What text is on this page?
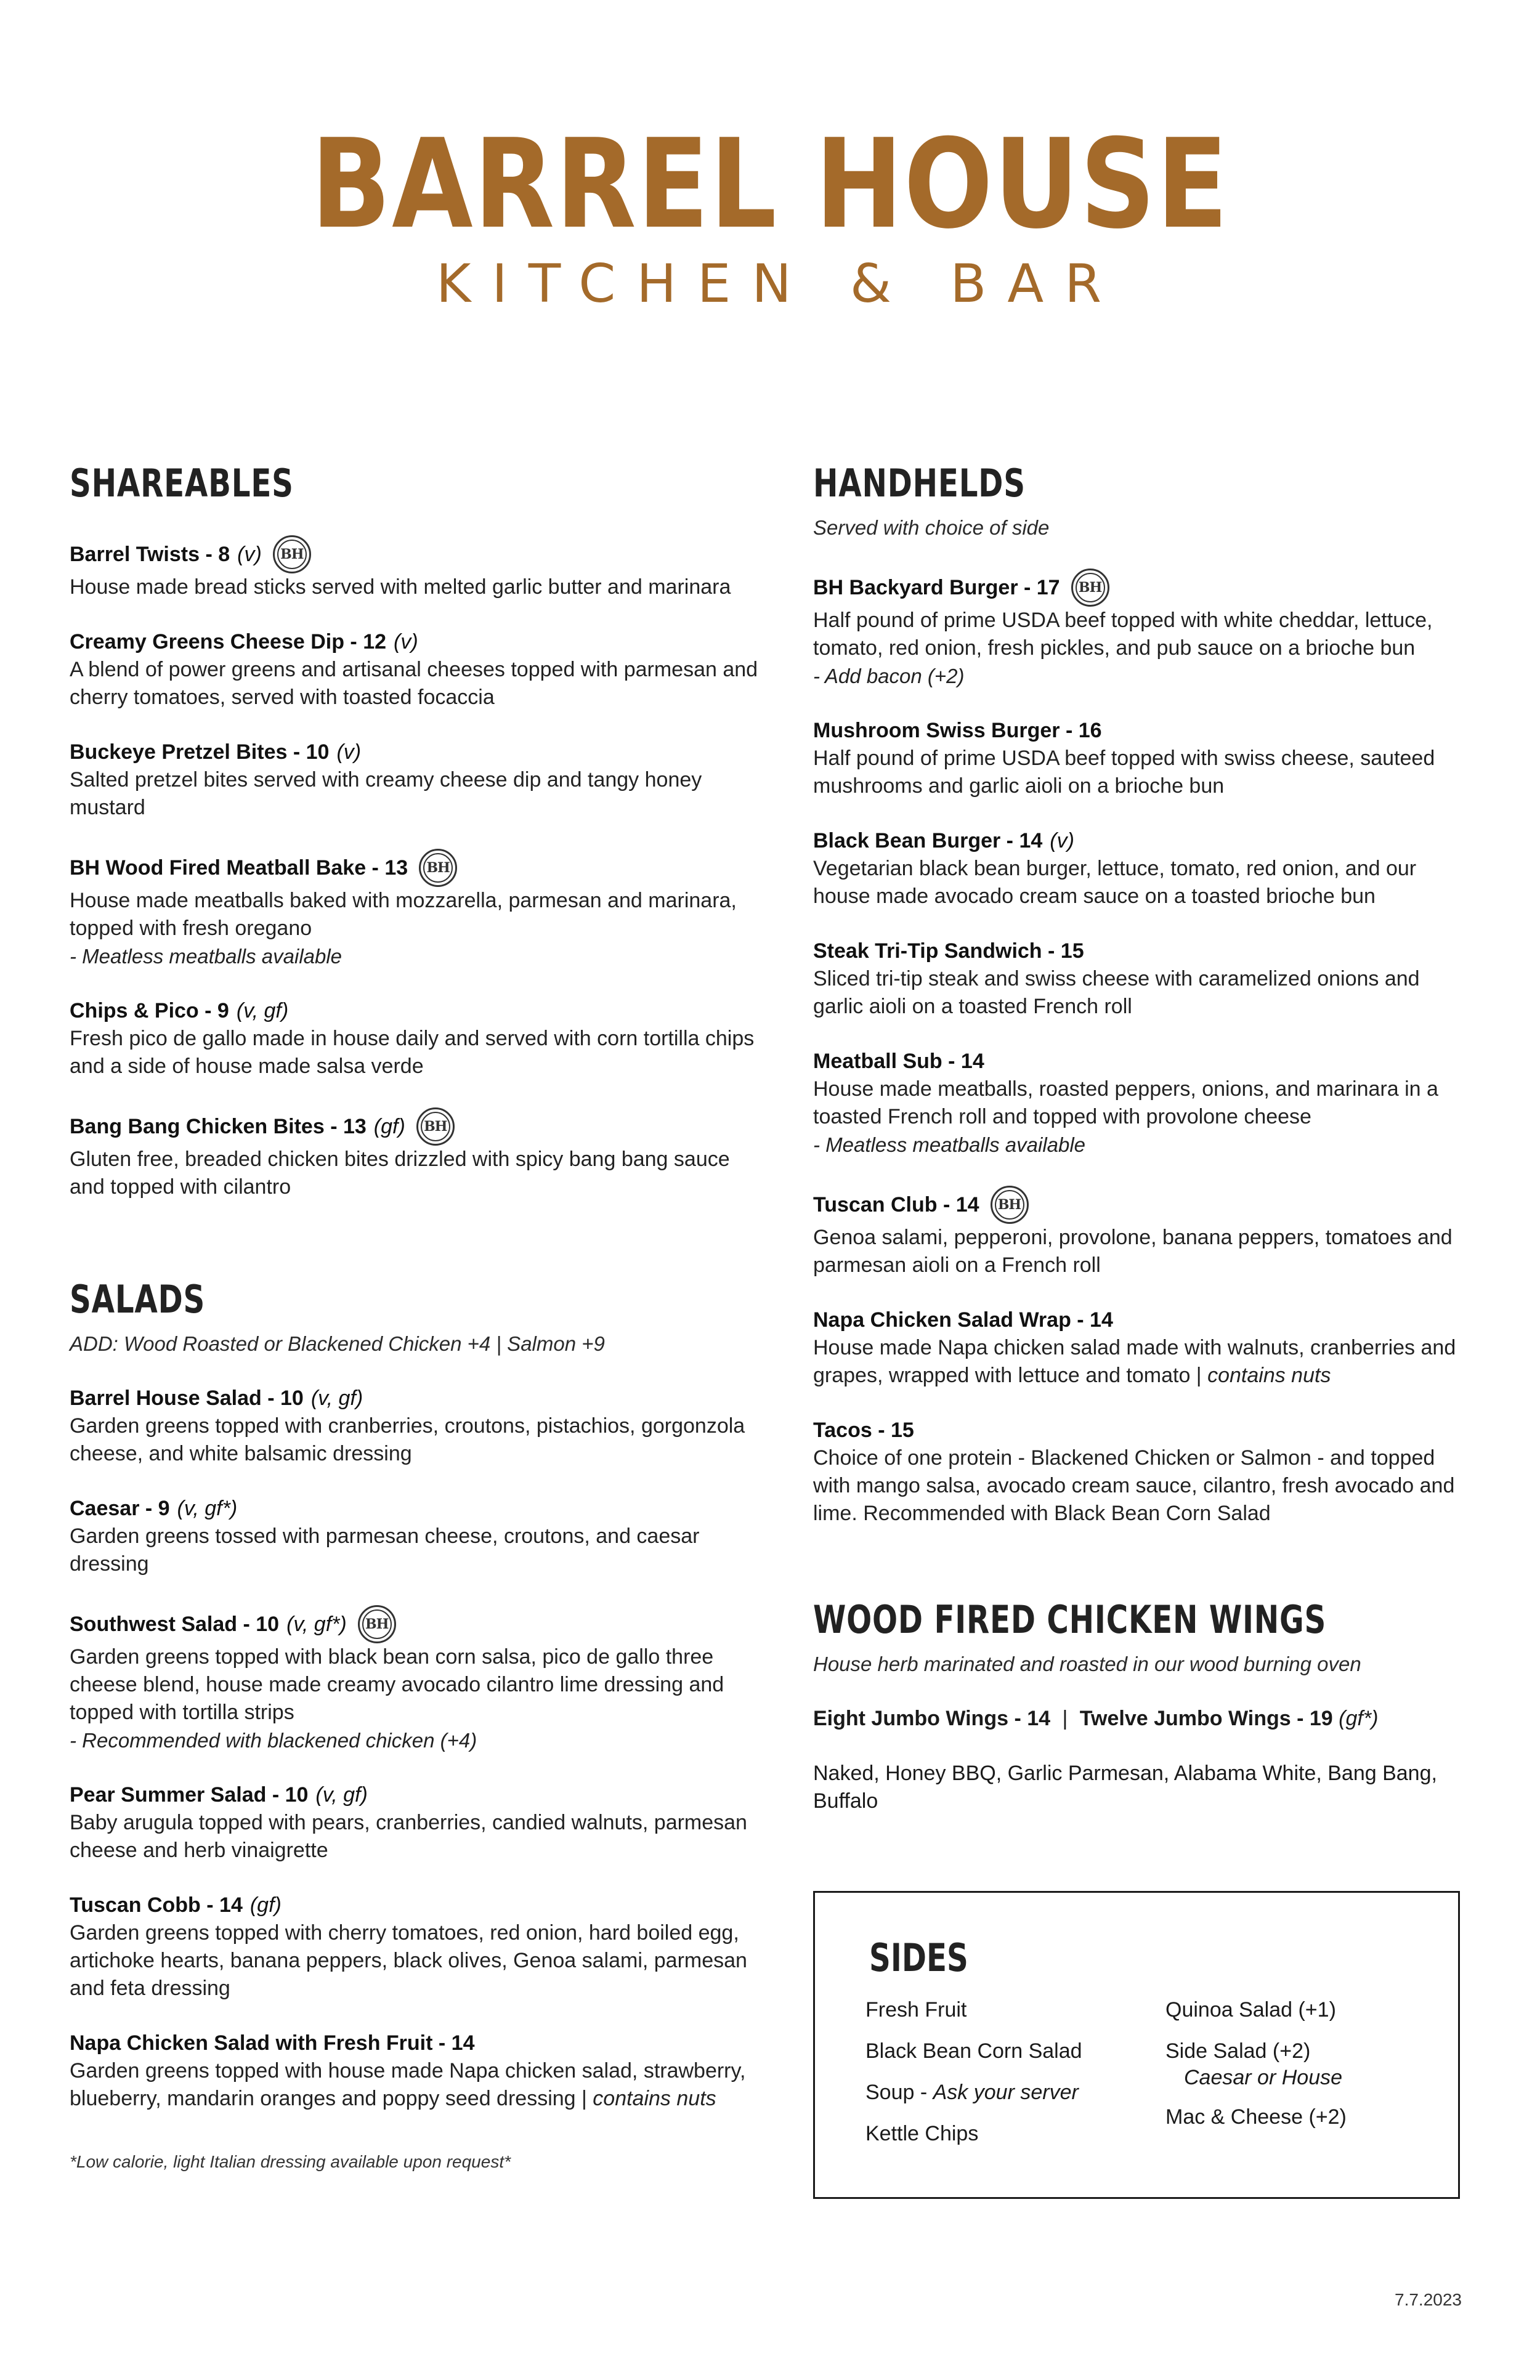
BARREL HOUSE
KITCHEN & BAR
SHAREABLES
Barrel Twists - 8 (v) BH
House made bread sticks served with melted garlic butter and marinara
Creamy Greens Cheese Dip - 12 (v)
A blend of power greens and artisanal cheeses topped with parmesan and cherry tomatoes, served with toasted focaccia
Buckeye Pretzel Bites - 10 (v)
Salted pretzel bites served with creamy cheese dip and tangy honey mustard
BH Wood Fired Meatball Bake - 13 BH
House made meatballs baked with mozzarella, parmesan and marinara, topped with fresh oregano
- Meatless meatballs available
Chips & Pico - 9 (v, gf)
Fresh pico de gallo made in house daily and served with corn tortilla chips and a side of house made salsa verde
Bang Bang Chicken Bites - 13 (gf) BH
Gluten free, breaded chicken bites drizzled with spicy bang bang sauce and topped with cilantro
SALADS
ADD: Wood Roasted or Blackened Chicken +4 | Salmon +9
Barrel House Salad - 10 (v, gf)
Garden greens topped with cranberries, croutons, pistachios, gorgonzola cheese, and white balsamic dressing
Caesar - 9 (v, gf*)
Garden greens tossed with parmesan cheese, croutons, and caesar dressing
Southwest Salad - 10 (v, gf*) BH
Garden greens topped with black bean corn salsa, pico de gallo three cheese blend, house made creamy avocado cilantro lime dressing and topped with tortilla strips
- Recommended with blackened chicken (+4)
Pear Summer Salad - 10 (v, gf)
Baby arugula topped with pears, cranberries, candied walnuts, parmesan cheese and herb vinaigrette
Tuscan Cobb - 14 (gf)
Garden greens topped with cherry tomatoes, red onion, hard boiled egg, artichoke hearts, banana peppers, black olives, Genoa salami, parmesan and feta dressing
Napa Chicken Salad with Fresh Fruit - 14
Garden greens topped with house made Napa chicken salad, strawberry, blueberry, mandarin oranges and poppy seed dressing | contains nuts
*Low calorie, light Italian dressing available upon request*
HANDHELDS
Served with choice of side
BH Backyard Burger - 17 BH
Half pound of prime USDA beef topped with white cheddar, lettuce, tomato, red onion, fresh pickles, and pub sauce on a brioche bun
- Add bacon (+2)
Mushroom Swiss Burger - 16
Half pound of prime USDA beef topped with swiss cheese, sauteed mushrooms and garlic aioli on a brioche bun
Black Bean Burger - 14 (v)
Vegetarian black bean burger, lettuce, tomato, red onion, and our house made avocado cream sauce on a toasted brioche bun
Steak Tri-Tip Sandwich - 15
Sliced tri-tip steak and swiss cheese with caramelized onions and garlic aioli on a toasted French roll
Meatball Sub - 14
House made meatballs, roasted peppers, onions, and marinara in a toasted French roll and topped with provolone cheese
- Meatless meatballs available
Tuscan Club - 14 BH
Genoa salami, pepperoni, provolone, banana peppers, tomatoes and parmesan aioli on a French roll
Napa Chicken Salad Wrap - 14
House made Napa chicken salad made with walnuts, cranberries and grapes, wrapped with lettuce and tomato | contains nuts
Tacos - 15
Choice of one protein - Blackened Chicken or Salmon - and topped with mango salsa, avocado cream sauce, cilantro, fresh avocado and lime. Recommended with Black Bean Corn Salad
WOOD FIRED CHICKEN WINGS
House herb marinated and roasted in our wood burning oven
Eight Jumbo Wings - 14 | Twelve Jumbo Wings - 19 (gf*)
Naked, Honey BBQ, Garlic Parmesan, Alabama White, Bang Bang, Buffalo
SIDES
Fresh Fruit
Black Bean Corn Salad
Soup - Ask your server
Kettle Chips
Quinoa Salad (+1)
Side Salad (+2)
Caesar or House
Mac & Cheese (+2)
7.7.2023
